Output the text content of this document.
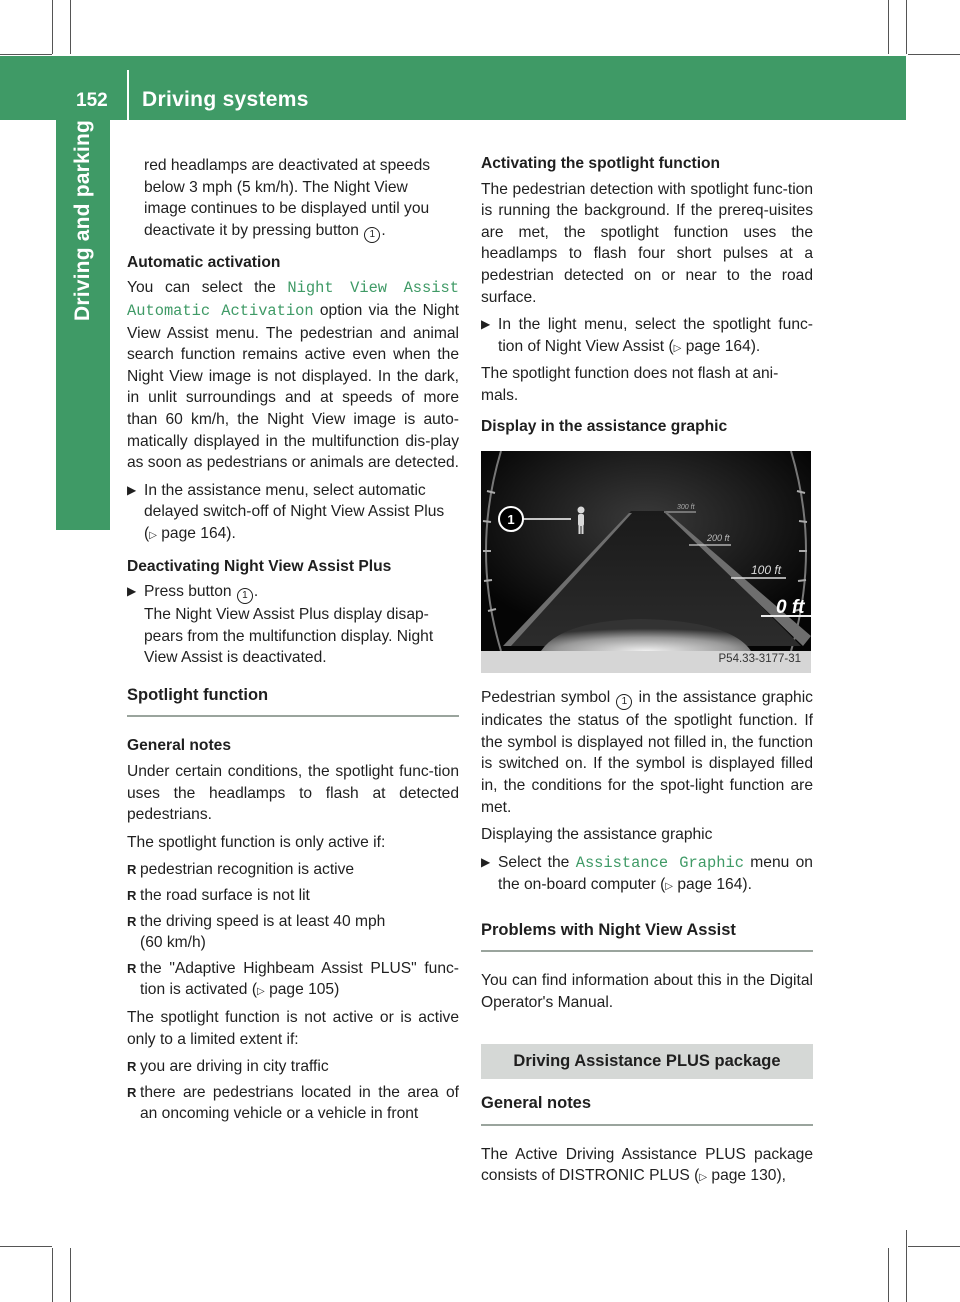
152 Driving systems
Driving and parking	red headlamps are deactivated at speeds
below 3 mph (5 km/h). The Night View
image continues to be displayed until you
deactivate it by pressing button 1 .

Automatic activation

You can select the Night View Assist Automatic Activation option via the Night View Assist menu. The pedestrian and animal search function remains active even when the Night View image is not displayed. In the dark, in unlit surroundings and at speeds of more than 60 km/h, the Night View image is auto-matically displayed in the multifunction dis-play as soon as pedestrians or animals are detected.

▶ In the assistance menu, select automatic delayed switch-off of Night View Assist Plus (▷ page 164).
Deactivating Night View Assist Plus
▶ Press button 1 .
The Night View Assist Plus display disap-pears from the multifunction display. Night View Assist is deactivated.
Spotlight function
General notes

Under certain conditions, the spotlight func-tion uses the headlamps to flash at detected pedestrians.

The spotlight function is only active if:

R pedestrian recognition is active
R the road surface is not lit
R the driving speed is at least 40 mph (60 km/h)
R the "Adaptive Highbeam Assist PLUS" func-tion is activated (▷ page 105)

The spotlight function is not active or is active only to a limited extent if:

R you are driving in city traffic
R there are pedestrians located in the area of an oncoming vehicle or a vehicle in front
Activating the spotlight function

The pedestrian detection with spotlight func-tion is running the background. If the prereq-uisites are met, the spotlight function uses the headlamps to flash four short pulses at a pedestrian detected on or near to the road surface.

▶ In the light menu, select the spotlight func-tion of Night View Assist (▷ page 164).

The spotlight function does not flash at ani-mals.

Display in the assistance graphic
300 ft
200 ft
100 ft
0 ft
1
P54.33-3177-31

Pedestrian symbol 1 in the assistance graphic indicates the status of the spotlight function. If the symbol is displayed not filled in, the function is switched on. If the symbol is displayed filled in, the conditions for the spot-light function are met.

Displaying the assistance graphic

▶ Select the Assistance Graphic menu on the on-board computer (▷ page 164).
Problems with Night View Assist

You can find information about this in the Digital Operator's Manual.

Driving Assistance PLUS package
General notes

The Active Driving Assistance PLUS package consists of DISTRONIC PLUS (▷ page 130),
